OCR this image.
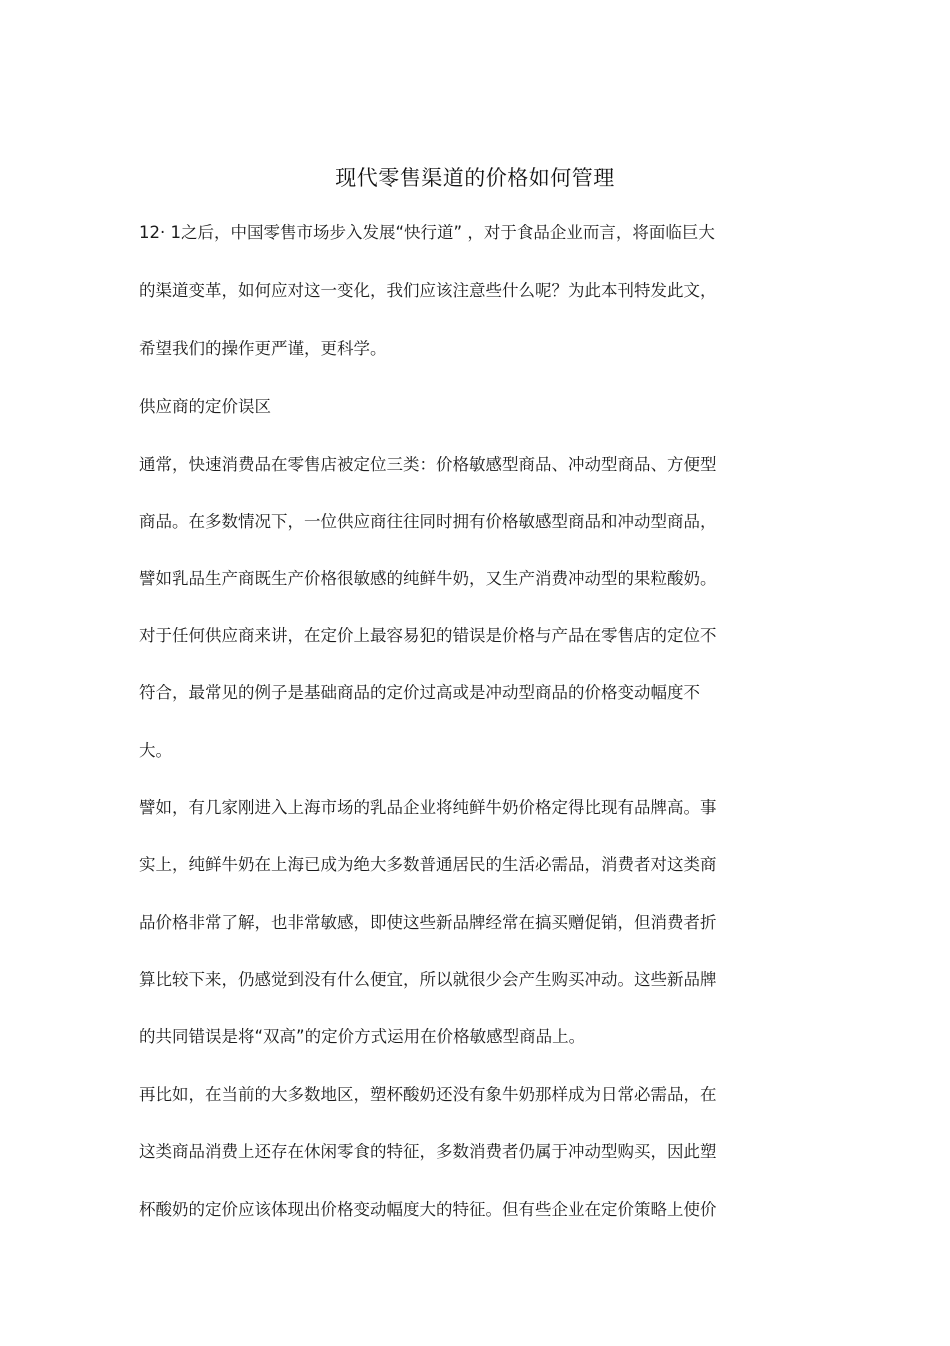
现代零售渠道的价格如何管理
12· 1之后，中国零售市场步入发展“快行道” ，对于食品企业而言，将面临巨大
的渠道变革，如何应对这一变化，我们应该注意些什么呢？为此本刊特发此文，
希望我们的操作更严谨，更科学。
供应商的定价误区
通常，快速消费品在零售店被定位三类：价格敏感型商品、冲动型商品、方便型
商品。在多数情况下，一位供应商往往同时拥有价格敏感型商品和冲动型商品，
譬如乳品生产商既生产价格很敏感的纯鲜牛奶，又生产消费冲动型的果粒酸奶。
对于任何供应商来讲，在定价上最容易犯的错误是价格与产品在零售店的定位不
符合，最常见的例子是基础商品的定价过高或是冲动型商品的价格变动幅度不
大。
譬如，有几家刚进入上海市场的乳品企业将纯鲜牛奶价格定得比现有品牌高。事
实上，纯鲜牛奶在上海已成为绝大多数普通居民的生活必需品，消费者对这类商
品价格非常了解，也非常敏感，即使这些新品牌经常在搞买赠促销，但消费者折
算比较下来，仍感觉到没有什么便宜，所以就很少会产生购买冲动。这些新品牌
的共同错误是将“双高”的定价方式运用在价格敏感型商品上。
再比如，在当前的大多数地区，塑杯酸奶还没有象牛奶那样成为日常必需品，在
这类商品消费上还存在休闲零食的特征，多数消费者仍属于冲动型购买，因此塑
杯酸奶的定价应该体现出价格变动幅度大的特征。但有些企业在定价策略上使价
